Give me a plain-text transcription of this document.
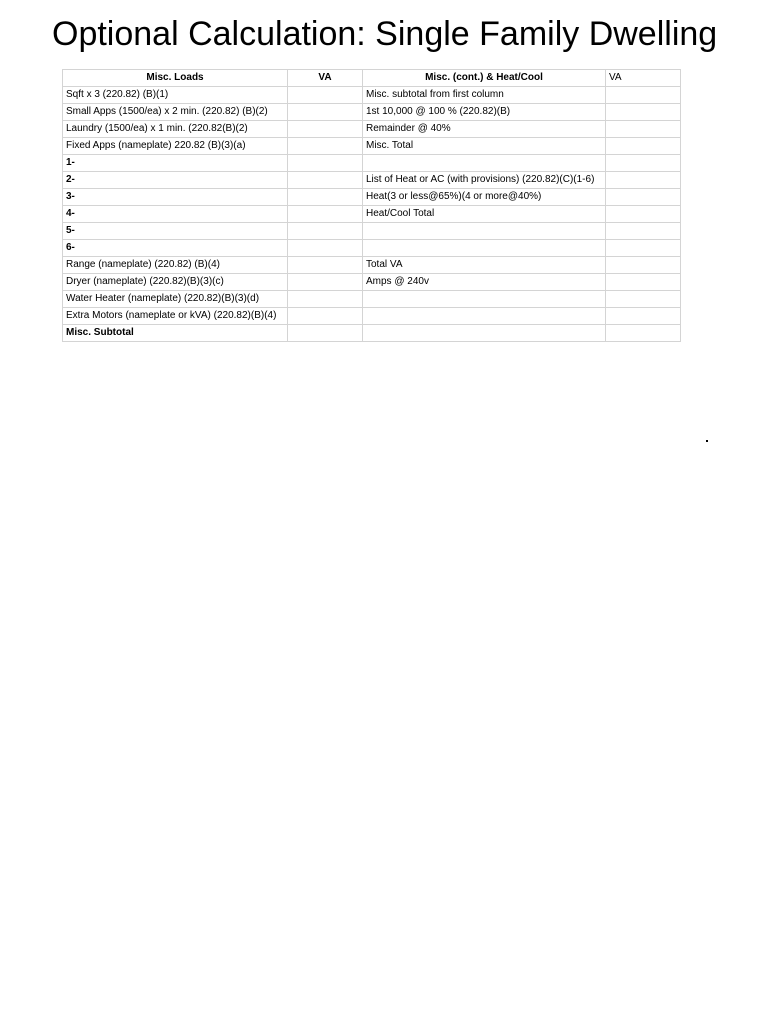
Optional Calculation: Single Family Dwelling
Misc. Loads	VA	Misc. (cont.) & Heat/Cool	VA
Sqft x 3 (220.82) (B)(1)		Misc. subtotal from first column	
Small Apps (1500/ea) x 2 min. (220.82) (B)(2)		1st 10,000 @ 100 % (220.82)(B)	
Laundry (1500/ea) x 1 min. (220.82(B)(2)		Remainder @ 40%	
Fixed Apps (nameplate) 220.82 (B)(3)(a)		Misc. Total	
1-			
2-		List of Heat or AC (with provisions) (220.82)(C)(1-6)	
3-		Heat(3 or less@65%)(4 or more@40%)	
4-		Heat/Cool Total	
5-			
6-			
Range (nameplate) (220.82) (B)(4)		Total VA	
Dryer (nameplate) (220.82)(B)(3)(c)		Amps @ 240v	
Water Heater (nameplate) (220.82)(B)(3)(d)			
Extra Motors (nameplate or kVA) (220.82)(B)(4)			
Misc. Subtotal			
